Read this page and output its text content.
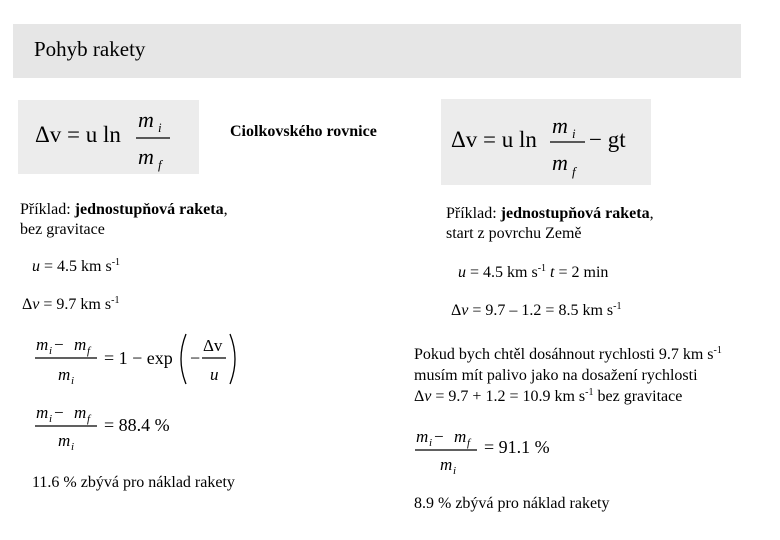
Pohyb rakety
Δv = u ln
m i
m f
Ciolkovského rovnice	Δv = u ln
m i
m f
− gt
Příklad: jednostupňová raketa,
bez gravitace
u = 4.5 km $s^{-1}$
Δv = 9.7 km $s^{-1}$
m i − m f
m i
= 1 − exp −
Δv
u
m i − m f
m i
= 88.4 %
11.6 % zbývá pro náklad rakety
Příklad: jednostupňová raketa,
start z povrchu Země
u = 4.5 km $s^{-1}$ t = 2 min
Δv = 9.7 – 1.2 = 8.5 km $s^{-1}$
Pokud bych chtěl dosáhnout rychlosti 9.7 km $s^{-1}$
musím mít palivo jako na dosažení rychlosti
Δv = 9.7 + 1.2 = 10.9 km $s^{-1}$ bez gravitace
m i − m f
m i
= 91.1 %
8.9 % zbývá pro náklad rakety
